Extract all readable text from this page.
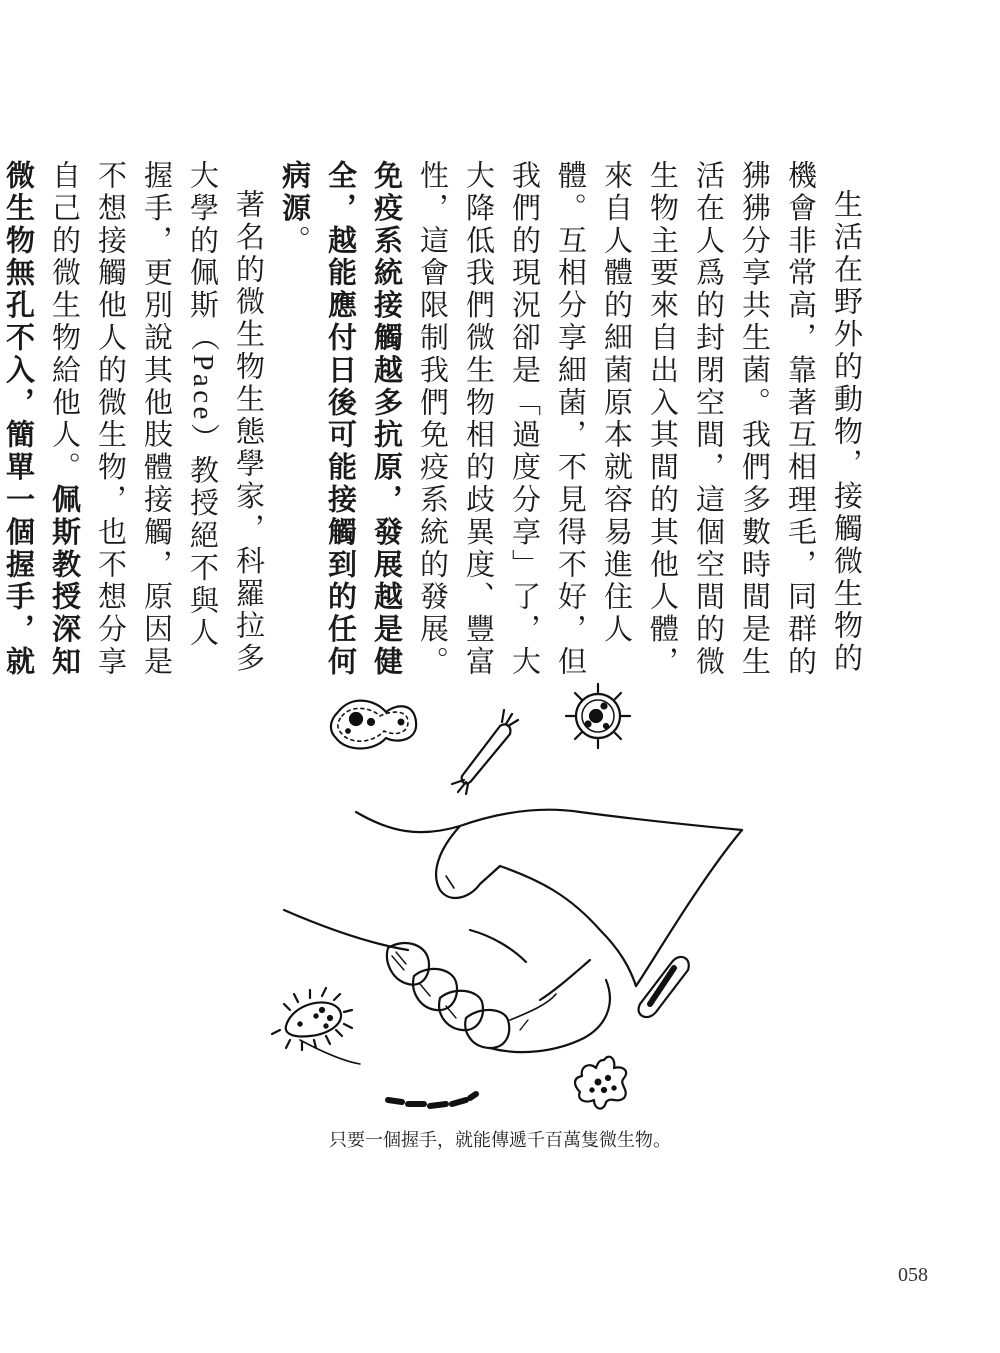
生活在野外的動物，接觸微生物的機會非常高，靠著互相理毛，同群的狒狒分享共生菌。我們多數時間是生活在人爲的封閉空間，這個空間的微生物主要來自出入其間的其他人體，來自人體的細菌原本就容易進住人體。互相分享細菌，不見得不好，但我們的現況卻是「過度分享」了，大大降低我們微生物相的歧異度、豐富性，這會限制我們免疫系統的發展。免疫系統接觸越多抗原，發展越是健全，越能應付日後可能接觸到的任何病源。

著名的微生物生態學家，科羅拉多大學的佩斯（Pace）教授絕不與人握手，更別說其他肢體接觸，原因是不想接觸他人的微生物，也不想分享自己的微生物給他人。佩斯教授深知微生物無孔不入，簡單一個握手，就

只要一個握手，就能傳遞千百萬隻微生物。
058
